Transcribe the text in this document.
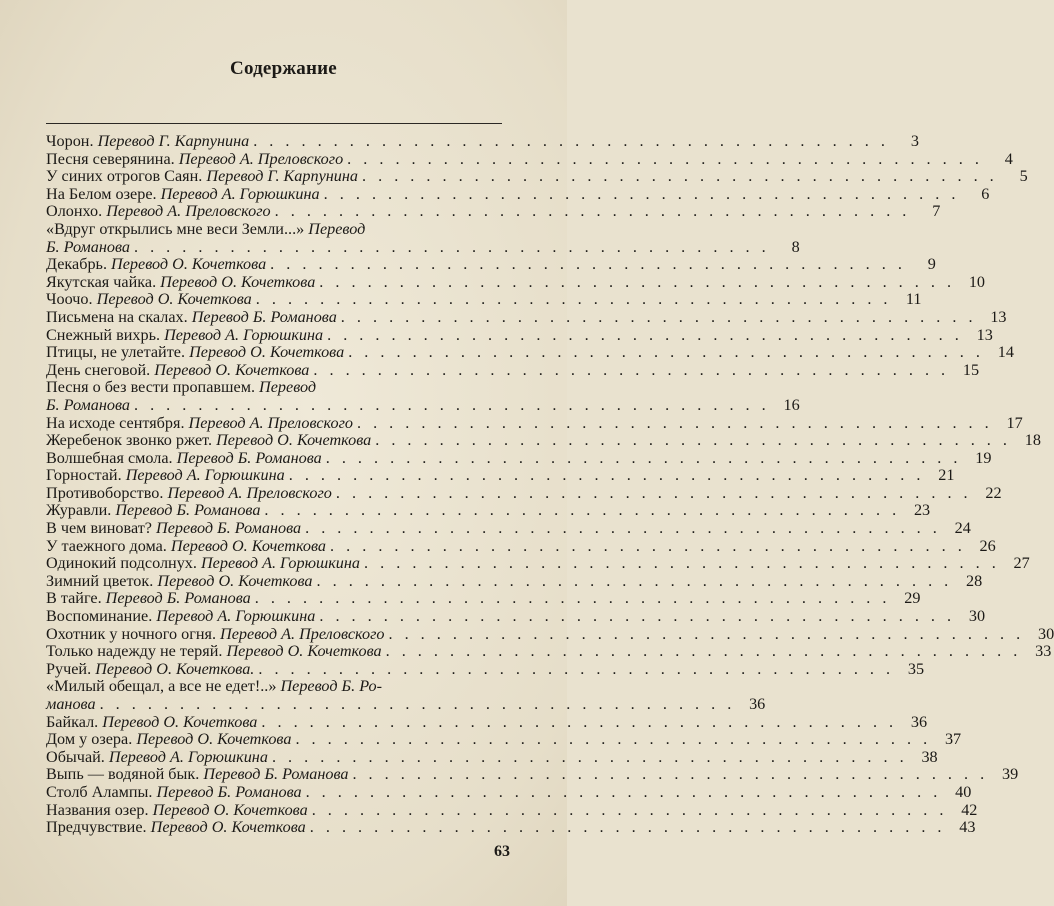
Содержание
Чорон. Перевод Г. Карпунина . . . . . . . . . . . . . . . . . . . . . . . . . . . . . . . . . . . . . . . .	3
Песня северянина. Перевод А. Преловского . . . . . . . . . . . . . . . . . . . . . . . . . . . . . . . . . . . . . . . .	4
У синих отрогов Саян. Перевод Г. Карпунина . . . . . . . . . . . . . . . . . . . . . . . . . . . . . . . . . . . . . . . .	5
На Белом озере. Перевод А. Горюшкина . . . . . . . . . . . . . . . . . . . . . . . . . . . . . . . . . . . . . . . .	6
Олонхо. Перевод А. Преловского . . . . . . . . . . . . . . . . . . . . . . . . . . . . . . . . . . . . . . . .	7
«Вдруг открылись мне веси Земли...» Перевод
Б. Романова . . . . . . . . . . . . . . . . . . . . . . . . . . . . . . . . . . . . . . . .	8
Декабрь. Перевод О. Кочеткова . . . . . . . . . . . . . . . . . . . . . . . . . . . . . . . . . . . . . . . .	9
Якутская чайка. Перевод О. Кочеткова . . . . . . . . . . . . . . . . . . . . . . . . . . . . . . . . . . . . . . . . 10
Чоочо. Перевод О. Кочеткова . . . . . . . . . . . . . . . . . . . . . . . . . . . . . . . . . . . . . . . . 11
Письмена на скалах. Перевод Б. Романова . . . . . . . . . . . . . . . . . . . . . . . . . . . . . . . . . . . . . . . . 13
Снежный вихрь. Перевод А. Горюшкина . . . . . . . . . . . . . . . . . . . . . . . . . . . . . . . . . . . . . . . . 13
Птицы, не улетайте. Перевод О. Кочеткова . . . . . . . . . . . . . . . . . . . . . . . . . . . . . . . . . . . . . . . . 14
День снеговой. Перевод О. Кочеткова . . . . . . . . . . . . . . . . . . . . . . . . . . . . . . . . . . . . . . . . 15
Песня о без вести пропавшем. Перевод
Б. Романова . . . . . . . . . . . . . . . . . . . . . . . . . . . . . . . . . . . . . . . . 16
На исходе сентября. Перевод А. Преловского . . . . . . . . . . . . . . . . . . . . . . . . . . . . . . . . . . . . . . . . 17
Жеребенок звонко ржет. Перевод О. Кочеткова . . . . . . . . . . . . . . . . . . . . . . . . . . . . . . . . . . . . . . . . 18
Волшебная смола. Перевод Б. Романова . . . . . . . . . . . . . . . . . . . . . . . . . . . . . . . . . . . . . . . . 19
Горностай. Перевод А. Горюшкина . . . . . . . . . . . . . . . . . . . . . . . . . . . . . . . . . . . . . . . . 21
Противоборство. Перевод А. Преловского . . . . . . . . . . . . . . . . . . . . . . . . . . . . . . . . . . . . . . . . 22
Журавли. Перевод Б. Романова . . . . . . . . . . . . . . . . . . . . . . . . . . . . . . . . . . . . . . . . 23
В чем виноват? Перевод Б. Романова . . . . . . . . . . . . . . . . . . . . . . . . . . . . . . . . . . . . . . . . 24
У таежного дома. Перевод О. Кочеткова . . . . . . . . . . . . . . . . . . . . . . . . . . . . . . . . . . . . . . . . 26
Одинокий подсолнух. Перевод А. Горюшкина . . . . . . . . . . . . . . . . . . . . . . . . . . . . . . . . . . . . . . . . 27
Зимний цветок. Перевод О. Кочеткова . . . . . . . . . . . . . . . . . . . . . . . . . . . . . . . . . . . . . . . . 28
В тайге. Перевод Б. Романова . . . . . . . . . . . . . . . . . . . . . . . . . . . . . . . . . . . . . . . . 29
Воспоминание. Перевод А. Горюшкина . . . . . . . . . . . . . . . . . . . . . . . . . . . . . . . . . . . . . . . . 30
Охотник у ночного огня. Перевод А. Преловского . . . . . . . . . . . . . . . . . . . . . . . . . . . . . . . . . . . . . . . . 30
Только надежду не теряй. Перевод О. Кочеткова . . . . . . . . . . . . . . . . . . . . . . . . . . . . . . . . . . . . . . . . 33
Ручей. Перевод О. Кочеткова. . . . . . . . . . . . . . . . . . . . . . . . . . . . . . . . . . . . . . . . . 35
«Милый обещал, а все не едет!..» Перевод Б. Ро-
манова . . . . . . . . . . . . . . . . . . . . . . . . . . . . . . . . . . . . . . . . 36
Байкал. Перевод О. Кочеткова . . . . . . . . . . . . . . . . . . . . . . . . . . . . . . . . . . . . . . . . 36
Дом у озера. Перевод О. Кочеткова . . . . . . . . . . . . . . . . . . . . . . . . . . . . . . . . . . . . . . . . 37
Обычай. Перевод А. Горюшкина . . . . . . . . . . . . . . . . . . . . . . . . . . . . . . . . . . . . . . . . 38
Выпь — водяной бык. Перевод Б. Романова . . . . . . . . . . . . . . . . . . . . . . . . . . . . . . . . . . . . . . . . 39
Столб Алампы. Перевод Б. Романова . . . . . . . . . . . . . . . . . . . . . . . . . . . . . . . . . . . . . . . . 40
Названия озер. Перевод О. Кочеткова . . . . . . . . . . . . . . . . . . . . . . . . . . . . . . . . . . . . . . . . 42
Предчувствие. Перевод О. Кочеткова . . . . . . . . . . . . . . . . . . . . . . . . . . . . . . . . . . . . . . . . 43
63
